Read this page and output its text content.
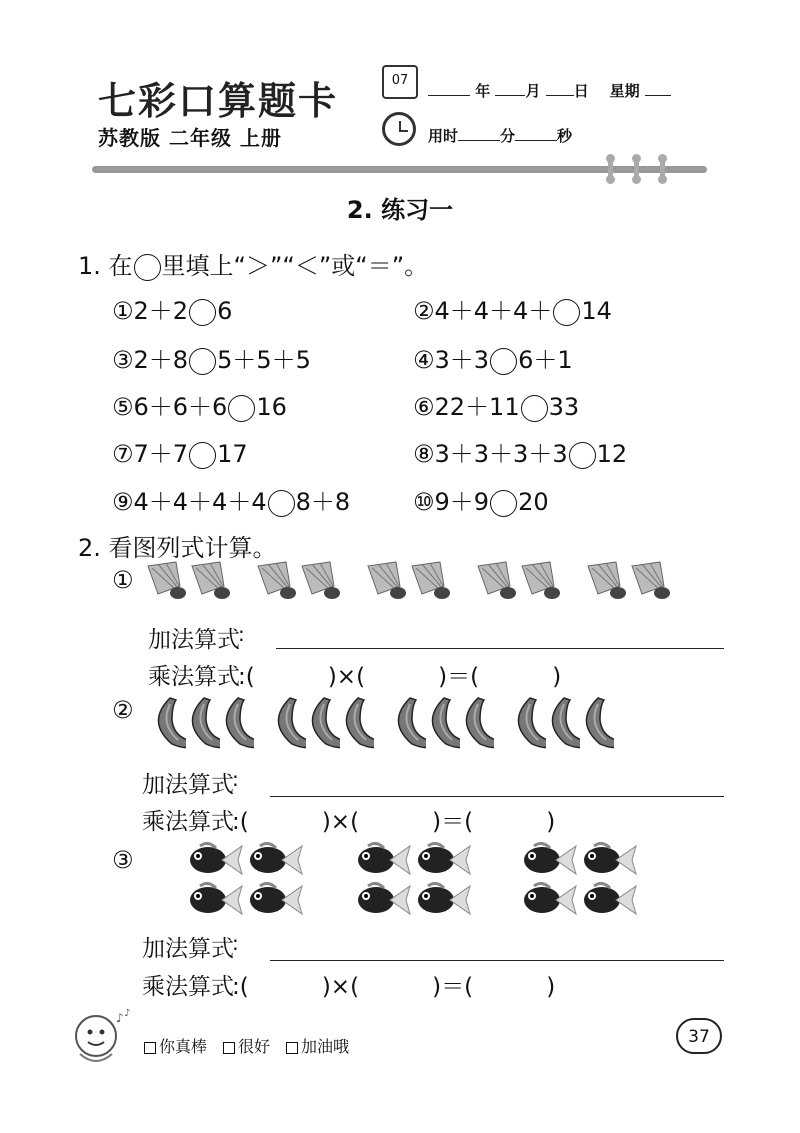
七彩口算题卡
苏教版 二年级 上册
07
年 月 日 星期
用时	分	秒
2. 练习一
1. 在 里填上“＞”“＜”或“＝”。
①2＋2 6	②4＋4＋4＋ 14
③2＋8 5＋5＋5	④3＋3 6＋1
⑤6＋6＋6 16	⑥22＋11 33
⑦7＋7 17	⑧3＋3＋3＋3 12
⑨4＋4＋4＋4 8＋8	⑩9＋9 20
2. 看图列式计算。
①
加法算式
:
乘法算式
:(          )×(          )＝(          )
②
加法算式
:
乘法算式
:(          )×(          )＝(          )
③
加法算式
:
乘法算式
:(          )×(          )＝(          )
♪ ♪
你真棒 很好 加油哦	37
